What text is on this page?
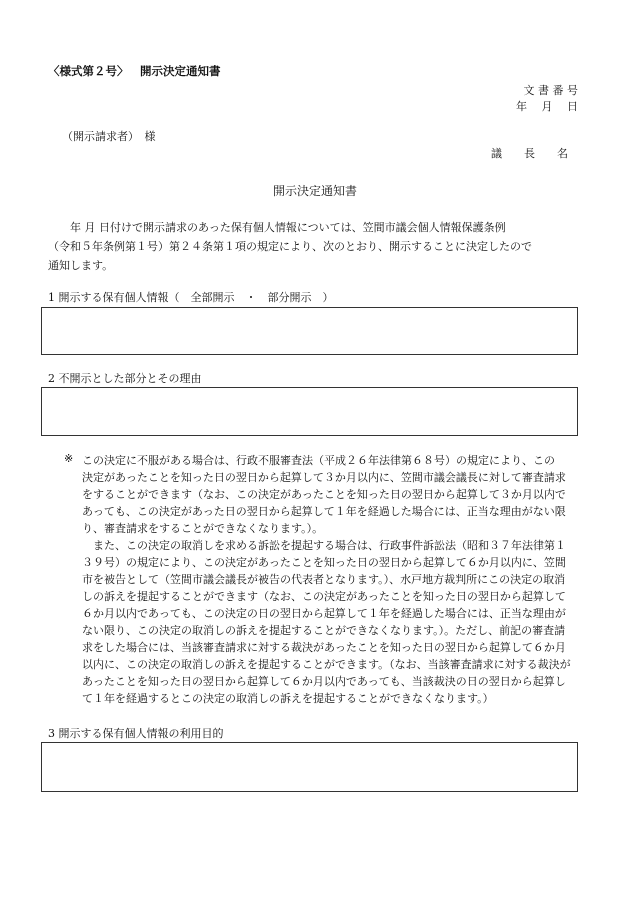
〈様式第２号〉 開示決定通知書
文 書 番 号
年　 月　 日
（開示請求者）　様
議　　長　　名
開示決定通知書
　　年 月 日付けで開示請求のあった保有個人情報については、笠間市議会個人情報保護条例
（令和５年条例第１号）第２４条第１項の規定により、次のとおり、開示することに決定したので
通知します。
1 開示する保有個人情報（　全部開示　・　部分開示　）
2 不開示とした部分とその理由
※ この決定に不服がある場合は、行政不服審査法（平成２６年法律第６８号）の規定により、この
決定があったことを知った日の翌日から起算して３か月以内に、笠間市議会議長に対して審査請求
をすることができます（なお、この決定があったことを知った日の翌日から起算して３か月以内で
あっても、この決定があった日の翌日から起算して１年を経過した場合には、正当な理由がない限
り、審査請求をすることができなくなります。）。
　また、この決定の取消しを求める訴訟を提起する場合は、行政事件訴訟法（昭和３７年法律第１
３９号）の規定により、この決定があったことを知った日の翌日から起算して６か月以内に、笠間
市を被告として（笠間市議会議長が被告の代表者となります。）、水戸地方裁判所にこの決定の取消
しの訴えを提起することができます（なお、この決定があったことを知った日の翌日から起算して
６か月以内であっても、この決定の日の翌日から起算して１年を経過した場合には、正当な理由が
ない限り、この決定の取消しの訴えを提起することができなくなります。）。ただし、前記の審査請
求をした場合には、当該審査請求に対する裁決があったことを知った日の翌日から起算して６か月
以内に、この決定の取消しの訴えを提起することができます。（なお、当該審査請求に対する裁決が
あったことを知った日の翌日から起算して６か月以内であっても、当該裁決の日の翌日から起算し
て１年を経過するとこの決定の取消しの訴えを提起することができなくなります。）
3 開示する保有個人情報の利用目的
